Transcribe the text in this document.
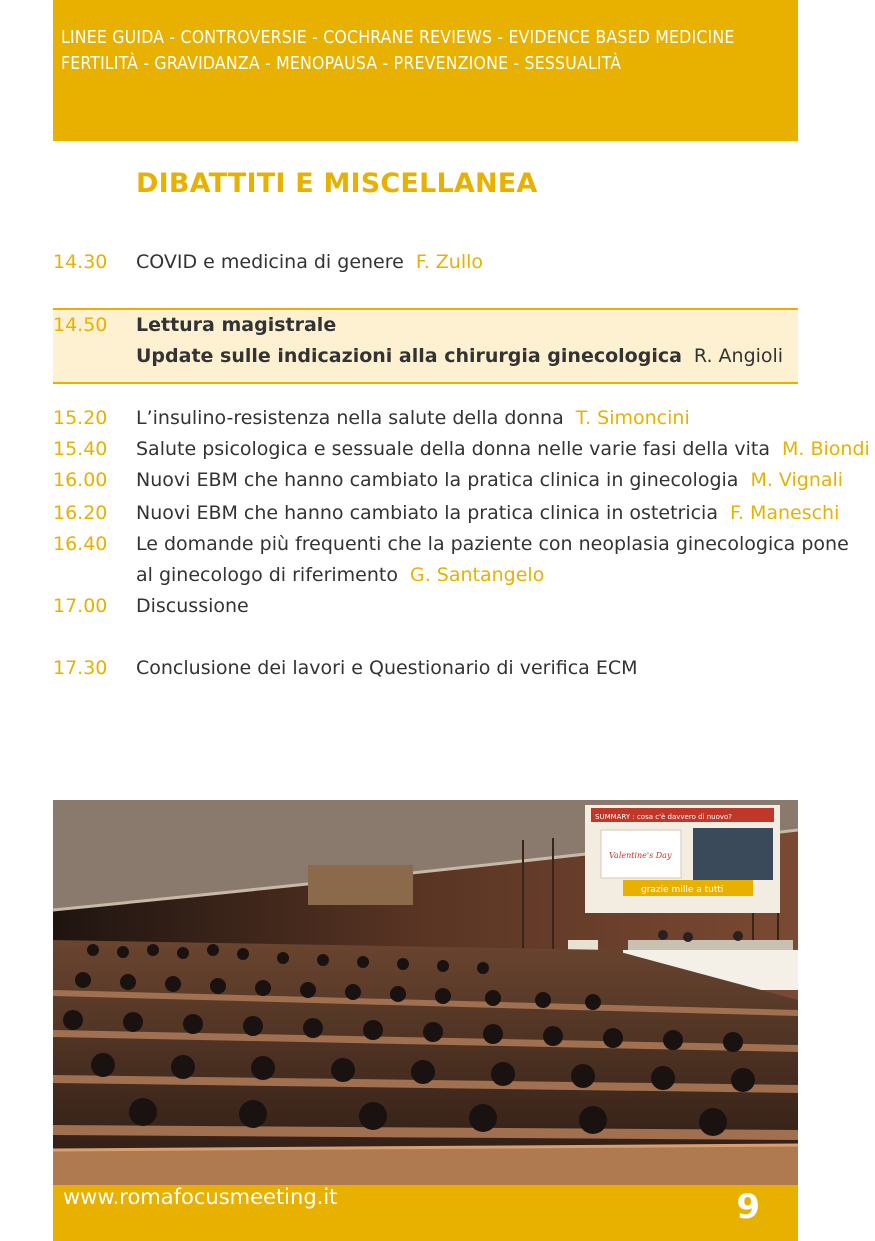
LINEE GUIDA - CONTROVERSIE - COCHRANE REVIEWS - EVIDENCE BASED MEDICINE
FERTILITÀ - GRAVIDANZA - MENOPAUSA - PREVENZIONE - SESSUALITÀ
DIBATTITI E MISCELLANEA
14.30 COVID e medicina di genere F. Zullo
14.50 Lettura magistrale
Update sulle indicazioni alla chirurgia ginecologica R. Angioli
15.20 L’insulino-resistenza nella salute della donna T. Simoncini
15.40 Salute psicologica e sessuale della donna nelle varie fasi della vita M. Biondi
16.00 Nuovi EBM che hanno cambiato la pratica clinica in ginecologia M. Vignali
16.20 Nuovi EBM che hanno cambiato la pratica clinica in ostetricia F. Maneschi
16.40 Le domande più frequenti che la paziente con neoplasia ginecologica pone
al ginecologo di riferimento G. Santangelo
17.00 Discussione
17.30 Conclusione dei lavori e Questionario di verifica ECM
SUMMARY : cosa c'è davvero di nuovo?
Valentine's Day
grazie mille a tutti
www.romafocusmeeting.it	9
